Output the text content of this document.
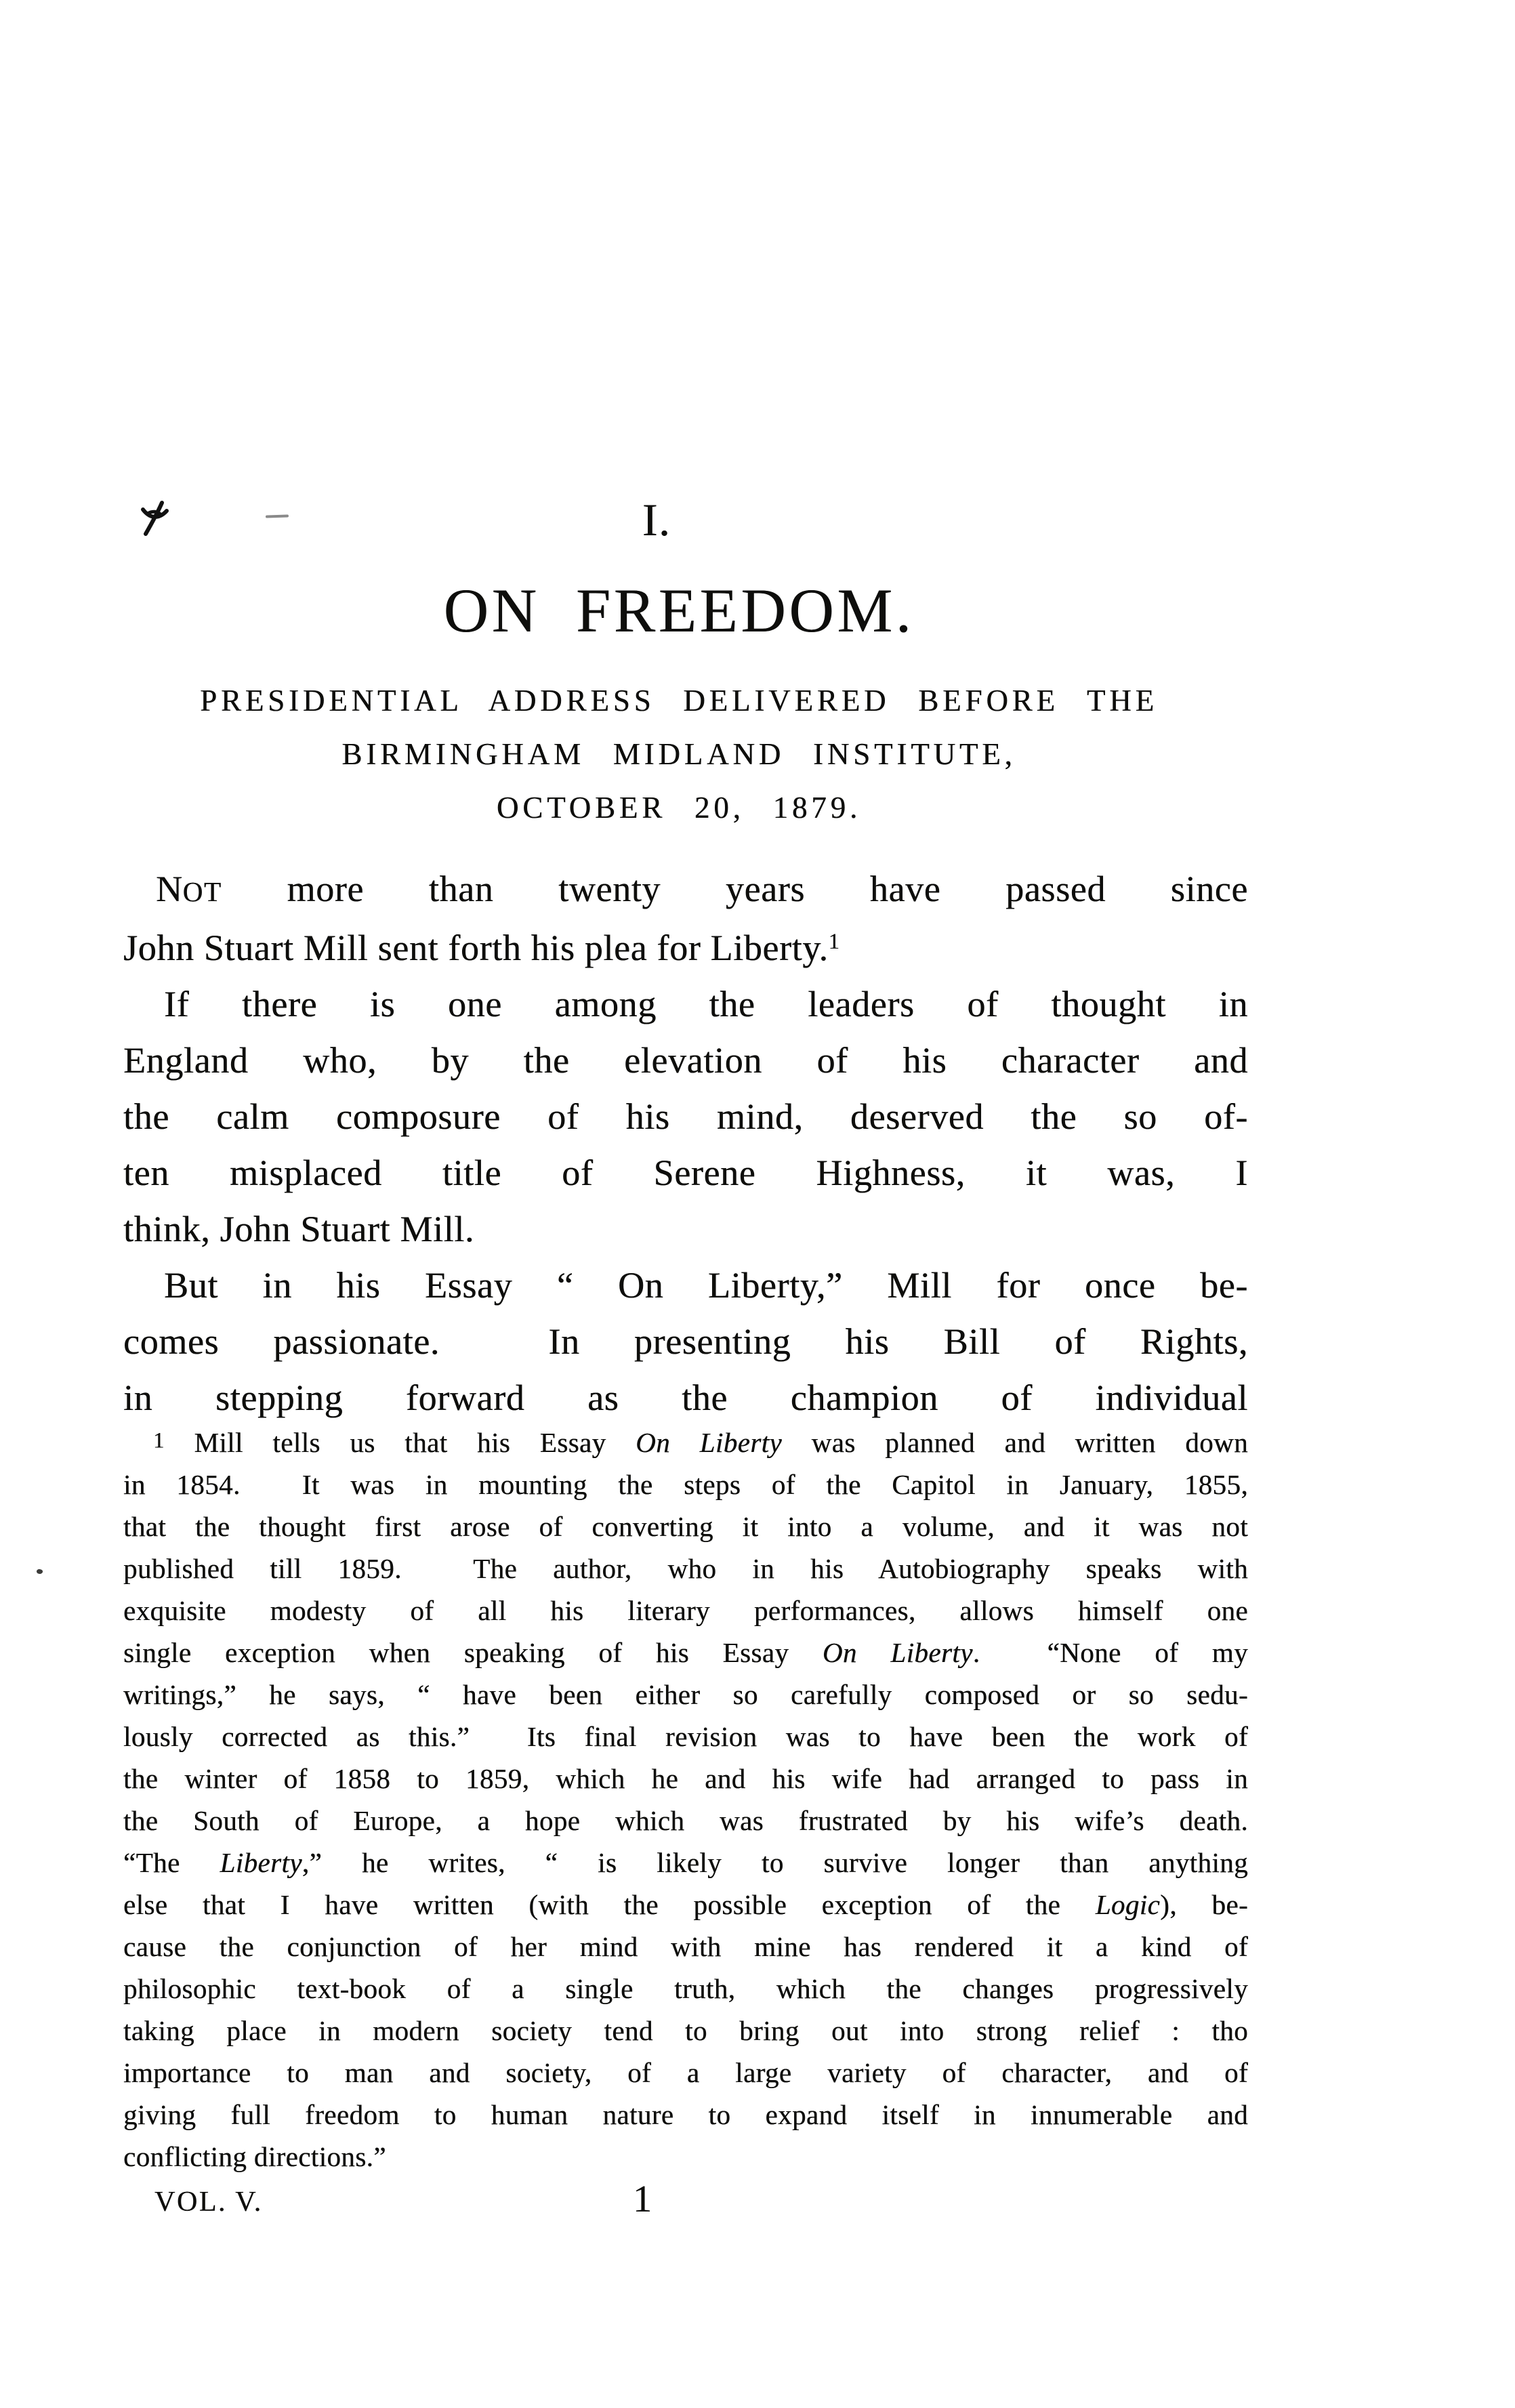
I.
ON FREEDOM.
PRESIDENTIAL ADDRESS DELIVERED BEFORE THE
BIRMINGHAM MIDLAND INSTITUTE,
OCTOBER 20, 1879.
NOT more than twenty years have passed since
John Stuart Mill sent forth his plea for Liberty.$^1$
If there is one among the leaders of thought in
England who, by the elevation of his character and
the calm composure of his mind, deserved the so of-
ten misplaced title of Serene Highness, it was, I
think, John Stuart Mill.
But in his Essay “ On Liberty,” Mill for once be-
comes passionate.  In presenting his Bill of Rights,
in stepping forward as the champion of individual
$^1$ Mill tells us that his Essay On Liberty was planned and written down
in 1854.  It was in mounting the steps of the Capitol in January, 1855,
that the thought first arose of converting it into a volume, and it was not
published till 1859.  The author, who in his Autobiography speaks with
exquisite modesty of all his literary performances, allows himself one
single exception when speaking of his Essay On Liberty.  “None of my
writings,” he says, “ have been either so carefully composed or so sedu-
lously corrected as this.”  Its final revision was to have been the work of
the winter of 1858 to 1859, which he and his wife had arranged to pass in
the South of Europe, a hope which was frustrated by his wife’s death.
“The Liberty,” he writes, “ is likely to survive longer than anything
else that I have written (with the possible exception of the Logic), be-
cause the conjunction of her mind with mine has rendered it a kind of
philosophic text-book of a single truth, which the changes progressively
taking place in modern society tend to bring out into strong relief : tho
importance to man and society, of a large variety of character, and of
giving full freedom to human nature to expand itself in innumerable and
conflicting directions.”
VOL. V.	1
